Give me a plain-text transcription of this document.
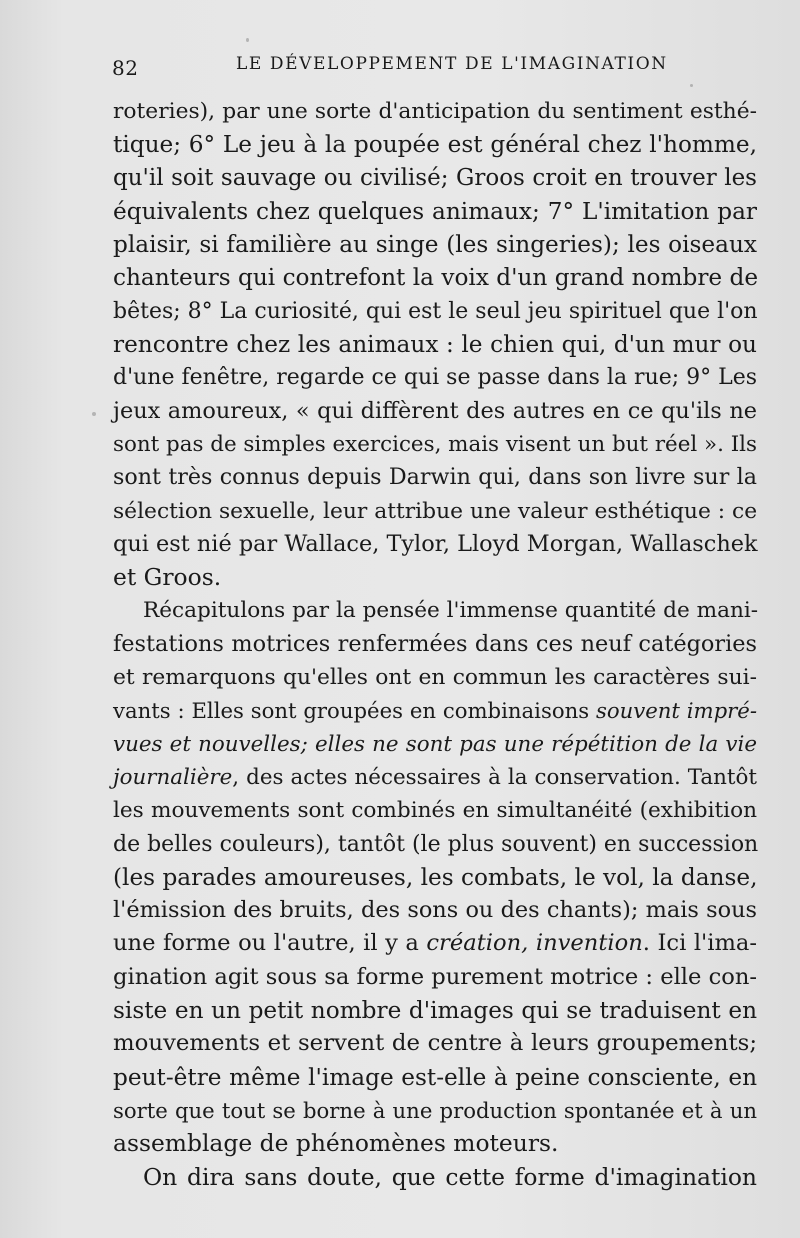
82	LE DÉVELOPPEMENT DE L'IMAGINATION
roteries), par une sorte d'anticipation du sentiment esthé-
tique; 6° Le jeu à la poupée est général chez l'homme,
qu'il soit sauvage ou civilisé; Groos croit en trouver les
équivalents chez quelques animaux; 7° L'imitation par
plaisir, si familière au singe (les singeries); les oiseaux
chanteurs qui contrefont la voix d'un grand nombre de
bêtes; 8° La curiosité, qui est le seul jeu spirituel que l'on
rencontre chez les animaux : le chien qui, d'un mur ou
d'une fenêtre, regarde ce qui se passe dans la rue; 9° Les
jeux amoureux, « qui diffèrent des autres en ce qu'ils ne
sont pas de simples exercices, mais visent un but réel ». Ils
sont très connus depuis Darwin qui, dans son livre sur la
sélection sexuelle, leur attribue une valeur esthétique : ce
qui est nié par Wallace, Tylor, Lloyd Morgan, Wallaschek
et Groos.
Récapitulons par la pensée l'immense quantité de mani-
festations motrices renfermées dans ces neuf catégories
et remarquons qu'elles ont en commun les caractères sui-
vants : Elles sont groupées en combinaisons souvent impré-
vues et nouvelles; elles ne sont pas une répétition de la vie
journalière, des actes nécessaires à la conservation. Tantôt
les mouvements sont combinés en simultanéité (exhibition
de belles couleurs), tantôt (le plus souvent) en succession
(les parades amoureuses, les combats, le vol, la danse,
l'émission des bruits, des sons ou des chants); mais sous
une forme ou l'autre, il y a création, invention. Ici l'ima-
gination agit sous sa forme purement motrice : elle con-
siste en un petit nombre d'images qui se traduisent en
mouvements et servent de centre à leurs groupements;
peut-être même l'image est-elle à peine consciente, en
sorte que tout se borne à une production spontanée et à un
assemblage de phénomènes moteurs.
On dira sans doute, que cette forme d'imagination
